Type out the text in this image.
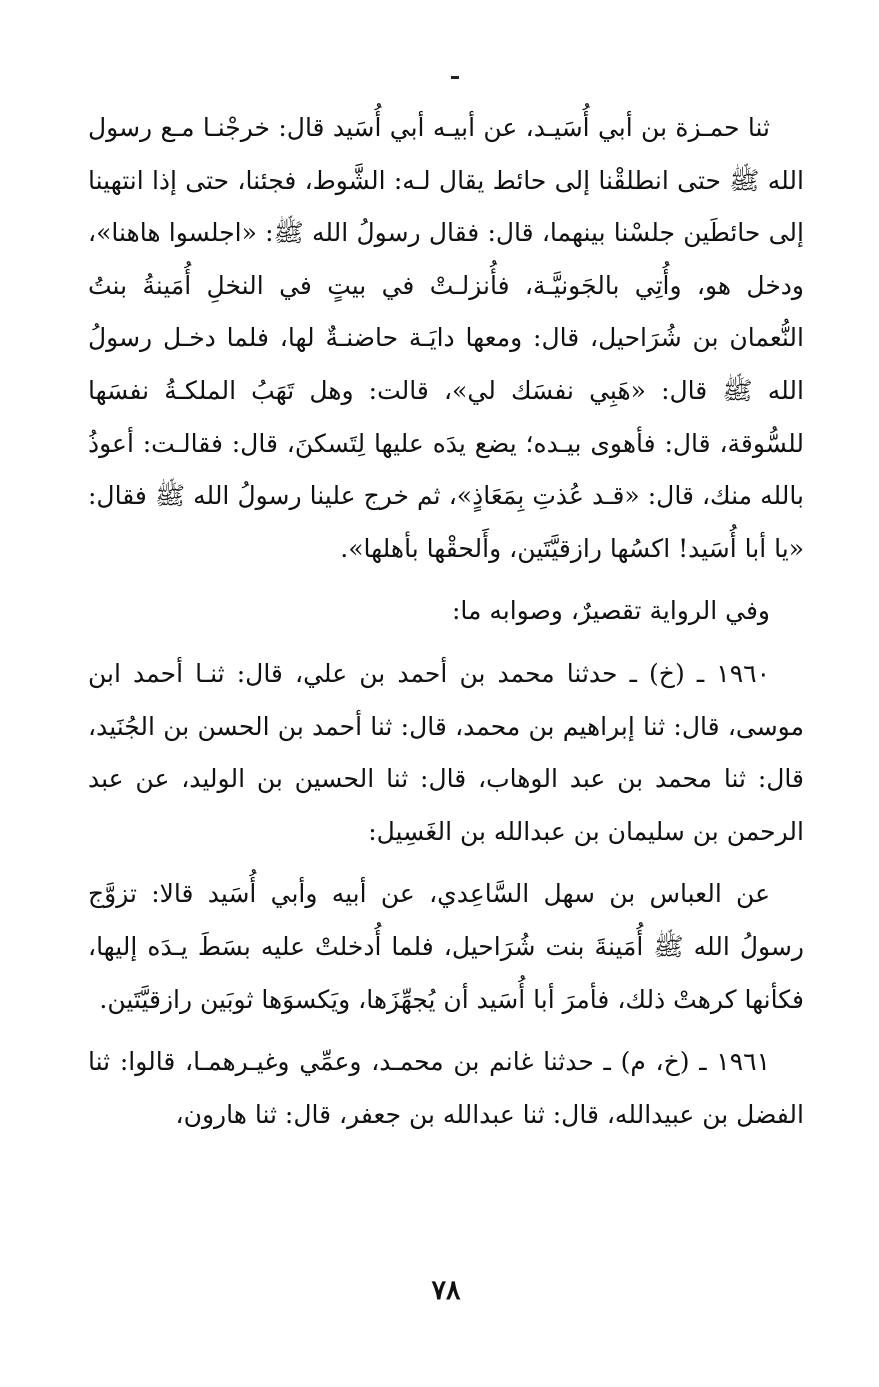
ثنا حمـزة بن أبي أُسَيـد، عن أبيـه أبي أُسَيد قال: خرجْنـا مـع رسول الله ﷺ حتى انطلقْنا إلى حائط يقال لـه: الشَّوط، فجئنا، حتى إذا انتهينا إلى حائطَين جلسْنا بينهما، قال: فقال رسولُ الله ﷺ: «اجلسوا هاهنا»، ودخل هو، وأُتِي بالجَونيَّـة، فأُنزلـتْ في بيتٍ في النخلِ أُمَينةُ بنتُ النُّعمان بن شُرَاحيل، قال: ومعها دايَـة حاضنـةٌ لها، فلما دخـل رسولُ الله ﷺ قال: «هَبِي نفسَك لي»، قالت: وهل تَهَبُ الملكـةُ نفسَها للسُّوقة، قال: فأهوى بيـده؛ يضع يدَه عليها لِتَسكنَ، قال: فقالـت: أعوذُ بالله منك، قال: «قـد عُذتِ بِمَعَاذٍ»، ثم خرج علينا رسولُ الله ﷺ فقال: «يا أبا أُسَيد! اكسُها رازقيَّتَين، وأَلحقْها بأهلها».

وفي الرواية تقصيرٌ، وصوابه ما:

١٩٦٠ ـ (خ) ـ حدثنا محمد بن أحمد بن علي، قال: ثنـا أحمد ابن موسى، قال: ثنا إبراهيم بن محمد، قال: ثنا أحمد بن الحسن بن الجُنَيد، قال: ثنا محمد بن عبد الوهاب، قال: ثنا الحسين بن الوليد، عن عبد الرحمن بن سليمان بن عبدالله بن الغَسِيل:

عن العباس بن سهل السَّاعِدي، عن أبيه وأبي أُسَيد قالا: تزوَّج رسولُ الله ﷺ أُمَينةَ بنت شُرَاحيل، فلما أُدخلتْ عليه بسَطَ يـدَه إليها، فكأنها كرهتْ ذلك، فأمرَ أبا أُسَيد أن يُجهِّزَها، ويَكسوَها ثوبَين رازقيَّتَين.

١٩٦١ ـ (خ، م) ـ حدثنا غانم بن محمـد، وعمِّي وغيـرهمـا، قالوا: ثنا الفضل بن عبيدالله، قال: ثنا عبدالله بن جعفر، قال: ثنا هارون،

٧٨
